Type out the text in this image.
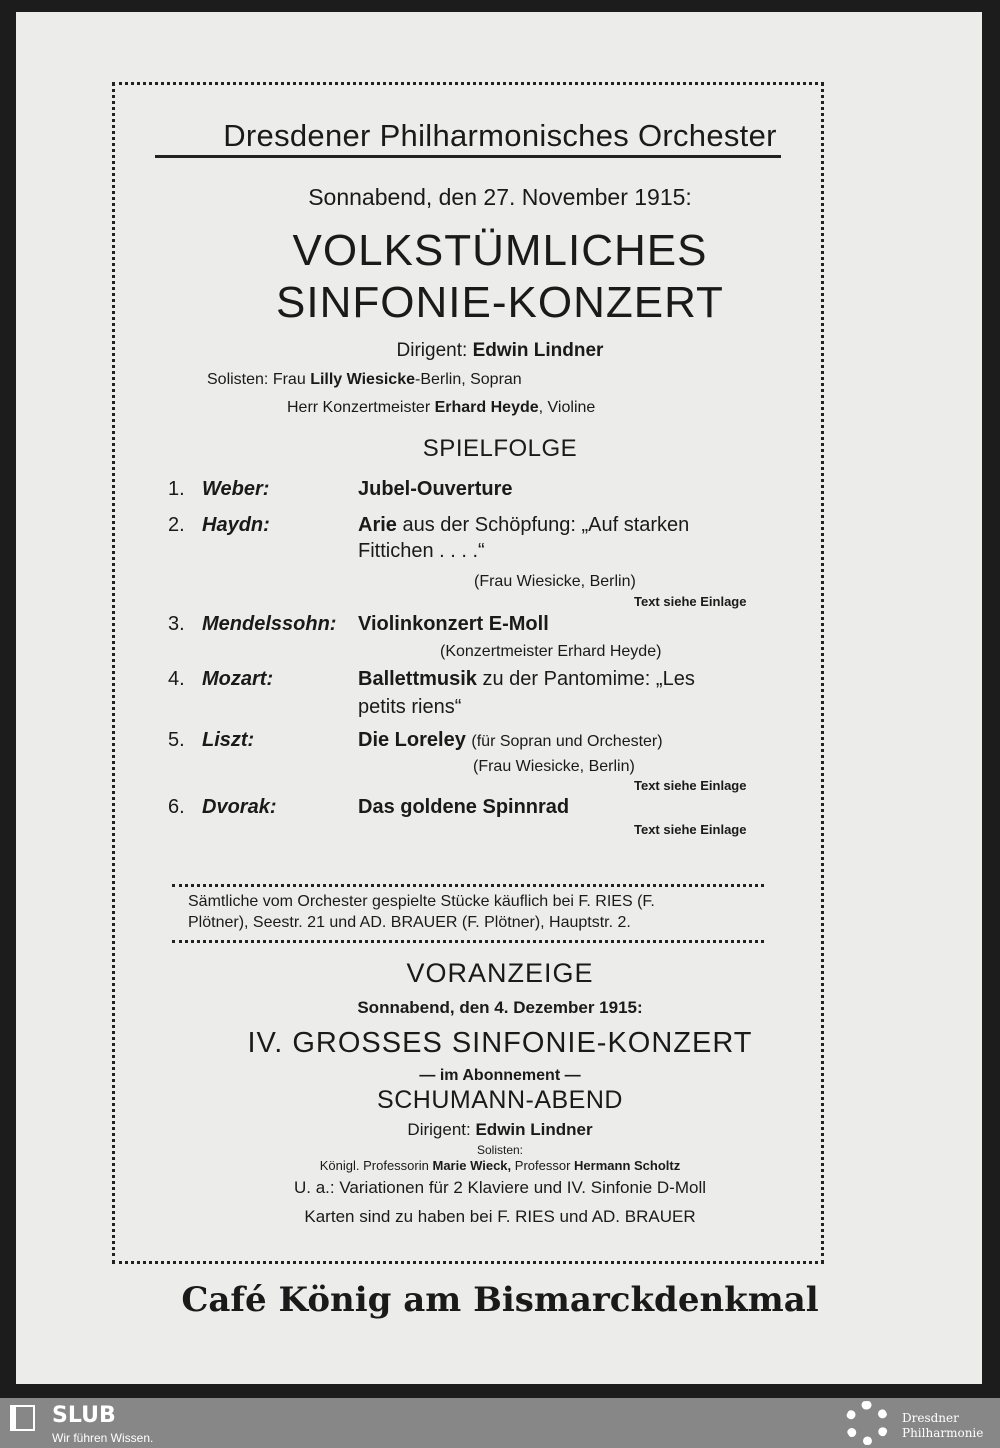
Dresdener Philharmonisches Orchester
Sonnabend, den 27. November 1915:
VOLKSTÜMLICHES
SINFONIE-KONZERT
Dirigent: Edwin Lindner
Solisten: Frau Lilly Wiesicke-Berlin, Sopran
Herr Konzertmeister Erhard Heyde, Violine
SPIELFOLGE
1. Weber:	Jubel-Ouverture
2. Haydn:	Arie aus der Schöpfung: „Auf starken
Fittichen . . . .“
(Frau Wiesicke, Berlin)
Text siehe Einlage
3. Mendelssohn: Violinkonzert E-Moll
(Konzertmeister Erhard Heyde)
4. Mozart:	Ballettmusik zu der Pantomime: „Les
petits riens“
5. Liszt:	Die Loreley (für Sopran und Orchester)
(Frau Wiesicke, Berlin)
Text siehe Einlage
6. Dvorak:	Das goldene Spinnrad
Text siehe Einlage
Sämtliche vom Orchester gespielte Stücke käuflich bei F. RIES (F.
Plötner), Seestr. 21 und AD. BRAUER (F. Plötner), Hauptstr. 2.
VORANZEIGE
Sonnabend, den 4. Dezember 1915:
IV. GROSSES SINFONIE-KONZERT
— im Abonnement —
SCHUMANN-ABEND
Dirigent: Edwin Lindner
Solisten:
Königl. Professorin Marie Wieck, Professor Hermann Scholtz
U. a.: Variationen für 2 Klaviere und IV. Sinfonie D-Moll
Karten sind zu haben bei F. RIES und AD. BRAUER
Café König am Bismarckdenkmal
SLUB
Wir führen Wissen.
Dresdner
Philharmonie
